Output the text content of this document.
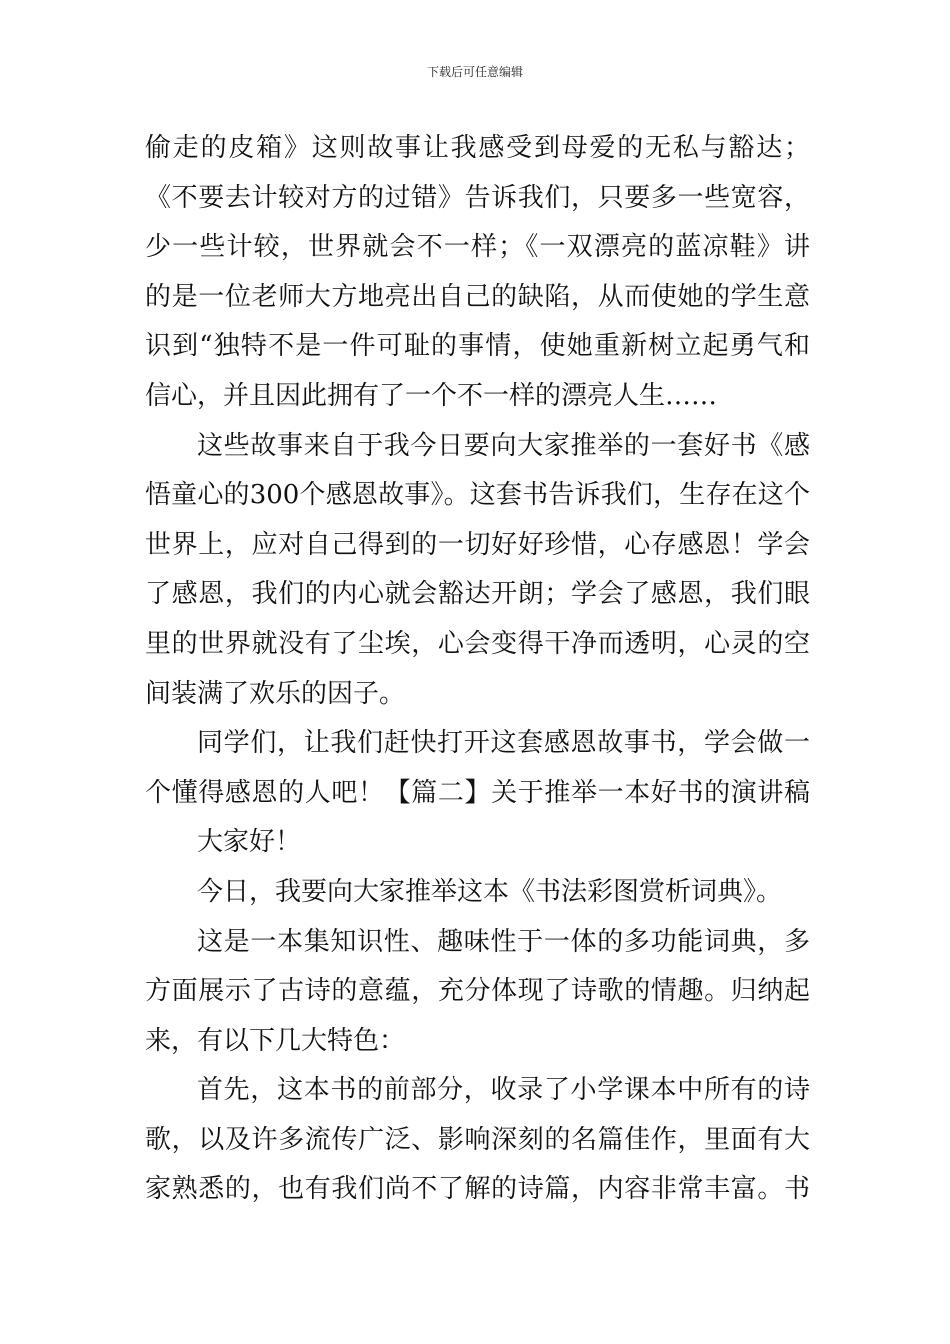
下载后可任意编辑
偷走的皮箱》这则故事让我感受到母爱的无私与豁达；
《不要去计较对方的过错》告诉我们，只要多一些宽容，
少一些计较，世界就会不一样；《一双漂亮的蓝凉鞋》讲
的是一位老师大方地亮出自己的缺陷，从而使她的学生意
识到“独特不是一件可耻的事情，使她重新树立起勇气和
信心，并且因此拥有了一个不一样的漂亮人生……
这些故事来自于我今日要向大家推举的一套好书《感
悟童心的300个感恩故事》。这套书告诉我们，生存在这个
世界上，应对自己得到的一切好好珍惜，心存感恩！学会
了感恩，我们的内心就会豁达开朗；学会了感恩，我们眼
里的世界就没有了尘埃，心会变得干净而透明，心灵的空
间装满了欢乐的因子。
同学们，让我们赶快打开这套感恩故事书，学会做一
个懂得感恩的人吧！【篇二】关于推举一本好书的演讲稿
大家好！
今日，我要向大家推举这本《书法彩图赏析词典》。
这是一本集知识性、趣味性于一体的多功能词典，多
方面展示了古诗的意蕴，充分体现了诗歌的情趣。归纳起
来，有以下几大特色：
首先，这本书的前部分，收录了小学课本中所有的诗
歌，以及许多流传广泛、影响深刻的名篇佳作，里面有大
家熟悉的，也有我们尚不了解的诗篇，内容非常丰富。书
